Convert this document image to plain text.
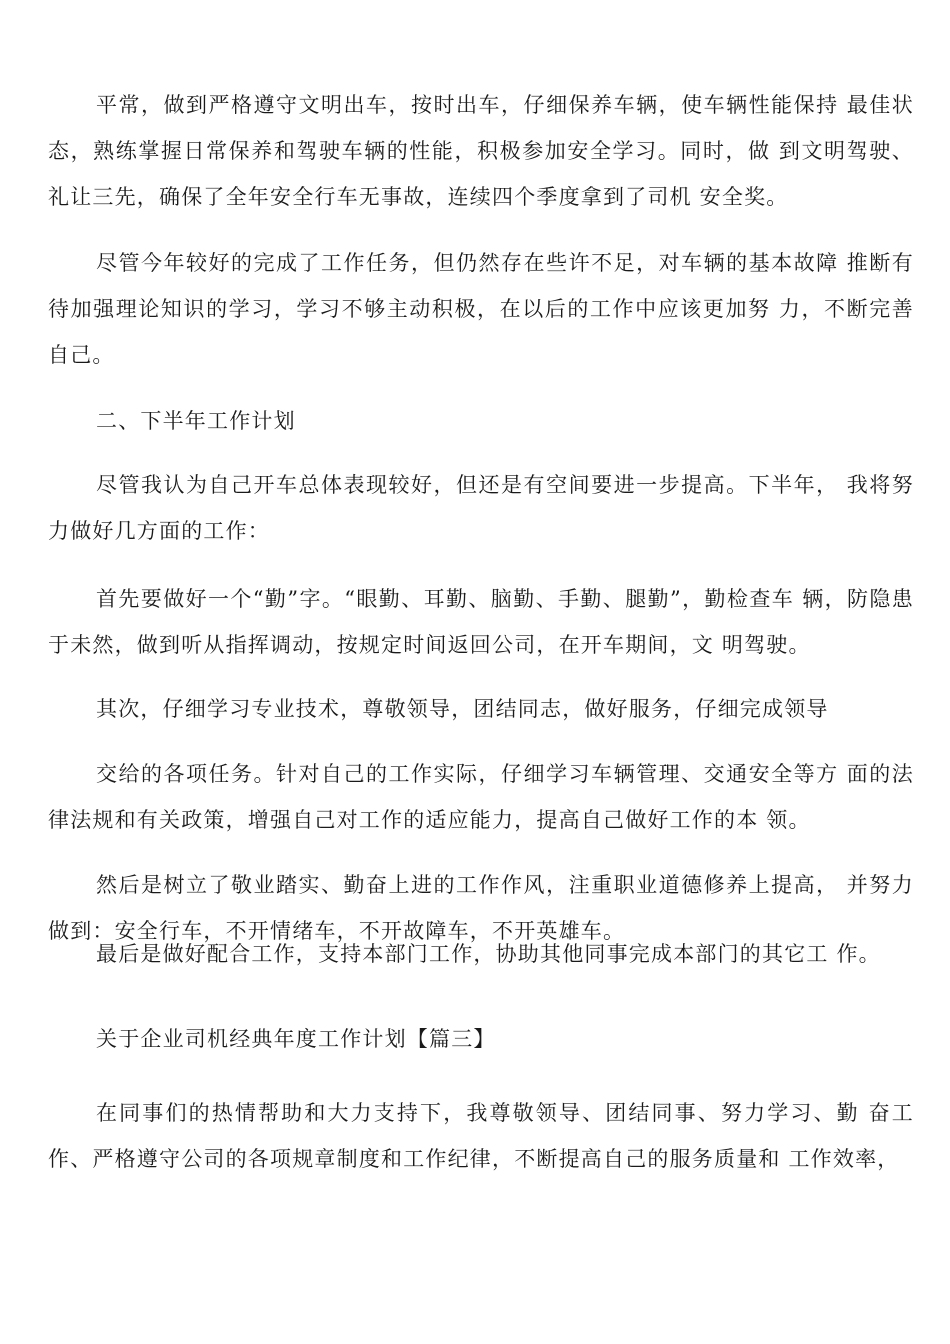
平常，做到严格遵守文明出车，按时出车，仔细保养车辆，使车辆性能保持 最佳状态，熟练掌握日常保养和驾驶车辆的性能，积极参加安全学习。同时，做 到文明驾驶、礼让三先，确保了全年安全行车无事故，连续四个季度拿到了司机 安全奖。

尽管今年较好的完成了工作任务，但仍然存在些许不足，对车辆的基本故障 推断有待加强理论知识的学习，学习不够主动积极，在以后的工作中应该更加努 力，不断完善自己。

二、下半年工作计划

尽管我认为自己开车总体表现较好，但还是有空间要进一步提高。下半年， 我将努力做好几方面的工作：

首先要做好一个“勤”字。“眼勤、耳勤、脑勤、手勤、腿勤”，勤检查车 辆，防隐患于未然，做到听从指挥调动，按规定时间返回公司，在开车期间，文 明驾驶。

其次，仔细学习专业技术，尊敬领导，团结同志，做好服务，仔细完成领导

交给的各项任务。针对自己的工作实际，仔细学习车辆管理、交通安全等方 面的法律法规和有关政策，增强自己对工作的适应能力，提高自己做好工作的本 领。

然后是树立了敬业踏实、勤奋上进的工作作风，注重职业道德修养上提高， 并努力做到：安全行车，不开情绪车，不开故障车，不开英雄车。

最后是做好配合工作，支持本部门工作，协助其他同事完成本部门的其它工 作。

关于企业司机经典年度工作计划【篇三】

在同事们的热情帮助和大力支持下，我尊敬领导、团结同事、努力学习、勤 奋工作、严格遵守公司的各项规章制度和工作纪律，不断提高自己的服务质量和 工作效率，
